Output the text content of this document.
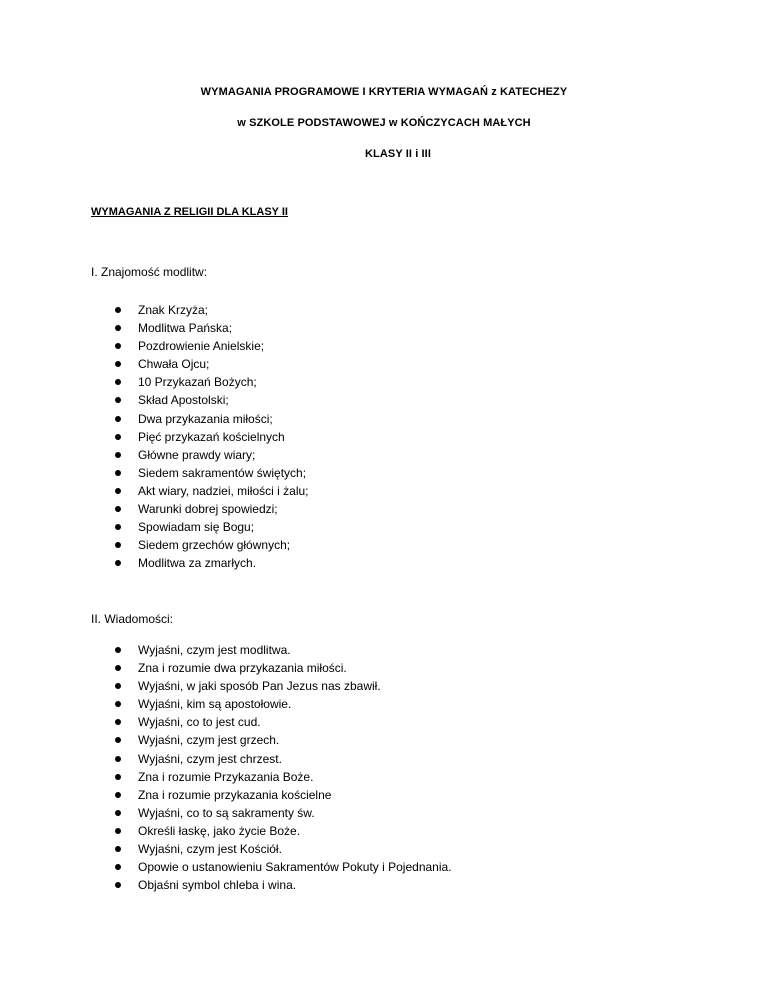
WYMAGANIA PROGRAMOWE I KRYTERIA WYMAGAŃ z KATECHEZY
w SZKOLE PODSTAWOWEJ w KOŃCZYCACH MAŁYCH
KLASY II i III
WYMAGANIA Z RELIGII DLA KLASY II
I. Znajomość modlitw:
Znak Krzyża;
Modlitwa Pańska;
Pozdrowienie Anielskie;
Chwała Ojcu;
10 Przykazań Bożych;
Skład Apostolski;
Dwa przykazania miłości;
Pięć przykazań kościelnych
Główne prawdy wiary;
Siedem sakramentów świętych;
Akt wiary, nadziei, miłości i żalu;
Warunki dobrej spowiedzi;
Spowiadam się Bogu;
Siedem grzechów głównych;
Modlitwa za zmarłych.
II. Wiadomości:
Wyjaśni, czym jest modlitwa.
Zna i rozumie dwa przykazania miłości.
Wyjaśni, w jaki sposób Pan Jezus nas zbawił.
Wyjaśni, kim są apostołowie.
Wyjaśni, co to jest cud.
Wyjaśni, czym jest grzech.
Wyjaśni, czym jest chrzest.
Zna i rozumie Przykazania Boże.
Zna i rozumie przykazania kościelne
Wyjaśni, co to są sakramenty św.
Określi łaskę, jako życie Boże.
Wyjaśni, czym jest Kościół.
Opowie o ustanowieniu Sakramentów Pokuty i Pojednania.
Objaśni symbol chleba i wina.
